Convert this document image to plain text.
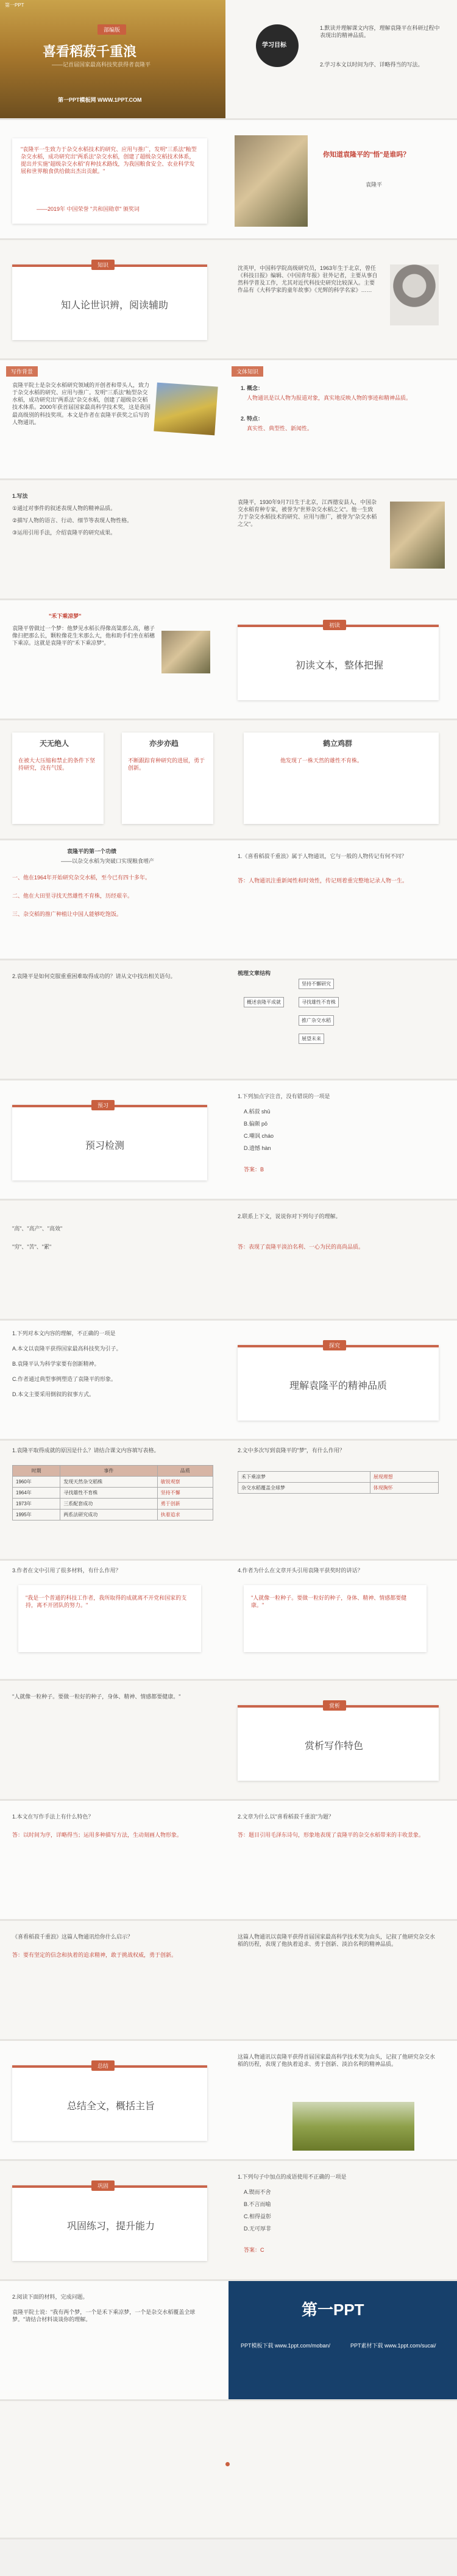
第一PPT
部编版
喜看稻菽千重浪
——记首届国家最高科技奖获得者袁隆平
第一PPT模板网 WWW.1PPT.COM
学习目标
1.默读并理解课文内容，理解袁隆平在科研过程中表现出的精神品质。
2.学习本文以时间为序、详略得当的写法。
"袁隆平一生致力于杂交水稻技术的研究、应用与推广，发明"三系法"籼型杂交水稻，成功研究出"两系法"杂交水稻，创建了超级杂交稻技术体系，提出并实施"超级杂交水稻"育种技术路线，为我国粮食安全、农业科学发展和世界粮食供给做出杰出贡献。"
——2019年 中国荣誉 "共和国勋章" 颁奖词
你知道袁隆平的"悟"是谁吗？
袁隆平
知识
知人论世识辨，阅读辅助
沈英甲，中国科学院高级研究员，1963年生于北京，曾任《科技日报》编辑、《中国青年报》驻外记者，主要从事自然科学普及工作，尤其对近代科技史研究比较深入。主要作品有《大科学家的童年故事》《光辉的科学名家》……
写作背景
袁隆平院士是杂交水稻研究领域的开创者和带头人，致力于杂交水稻的研究、应用与推广。发明"三系法"籼型杂交水稻，成功研究出"两系法"杂交水稻，创建了超级杂交稻技术体系。2000年获首届国家最高科学技术奖，这是我国最高级别的科技奖项。本文是作者在袁隆平获奖之后写的人物通讯。
文体知识
1. 概念：
人物通讯是以人物为报道对象，真实地反映人物的事迹和精神品质。
2. 特点：
真实性、典型性、新闻性。
1.写法
①通过对事件的叙述表现人物的精神品质。
②描写人物的语言、行动、细节等表现人物性格。
③运用引用手法，介绍袁隆平的研究成果。
袁隆平，1930年9月7日生于北京，江西德安县人，中国杂交水稻育种专家，被誉为"世界杂交水稻之父"。他一生致力于杂交水稻技术的研究、应用与推广，被誉为"杂交水稻之父"。
"禾下乘凉梦"
袁隆平曾做过一个梦：他梦见水稻长得像高粱那么高，穗子像扫把那么长，颗粒像花生米那么大，他和助手们坐在稻穗下乘凉。这就是袁隆平的"禾下乘凉梦"。
初读
初读文本，整体把握
天无绝人
在被大大压缩和禁止的条件下坚持研究，没有气馁。
亦步亦趋
不断跟踪育种研究的进展，勇于创新。
鹤立鸡群
他发现了一株天然的雄性不育株。
袁隆平的第一个功绩
——以杂交水稻为突破口实现粮食增产
一、他在1964年开始研究杂交水稻，至今已有四十多年。
二、他在大田里寻找天然雄性不育株，历经艰辛。
三、杂交稻的推广种植让中国人能够吃饱饭。
1.《喜看稻菽千重浪》属于人物通讯，它与一般的人物传记有何不同？
答：人物通讯注重新闻性和时效性，传记则着重完整地记录人物一生。
2.袁隆平是如何克服重重困难取得成功的？请从文中找出相关语句。	梳理文章结构
概述袁隆平成就
坚持不懈研究
寻找雄性不育株
推广杂交水稻
展望未来
预习
预习检测
1.下列加点字注音，没有错误的一项是
A.稻菽 shū
B.偏颇 pō
C.嘲讽 cháo
D.遗憾 hàn
答案：B
"高"、"高产"、"高效"
"穷"、"苦"、"累"
2.联系上下文，说说你对下列句子的理解。
答：表现了袁隆平淡泊名利、一心为民的高尚品质。
1.下列对本文内容的理解，不正确的一项是
A.本文以袁隆平获得国家最高科技奖为引子。
B.袁隆平认为科学家要有创新精神。
C.作者通过典型事例塑造了袁隆平的形象。
D.本文主要采用倒叙的叙事方式。
探究
理解袁隆平的精神品质
1.袁隆平取得成就的原因是什么？请结合课文内容填写表格。
时期	事件	品质
1960年	发现天然杂交稻株	敏锐观察
1964年	寻找雄性不育株	坚持不懈
1973年	三系配套成功	勇于创新
1995年	两系法研究成功	执着追求
2.文中多次写到袁隆平的"梦"，有什么作用？
禾下乘凉梦	展现理想
杂交水稻覆盖全球梦	体现胸怀
3.作者在文中引用了很多材料，有什么作用？
"我是一个普通的科技工作者，我所取得的成就离不开党和国家的支持，离不开团队的努力。"
4.作者为什么在文章开头引用袁隆平获奖时的讲话？
"人就像一粒种子。要做一粒好的种子，身体、精神、情感都要健康。"
"人就像一粒种子。要做一粒好的种子，身体、精神、情感都要健康。"
赏析
赏析写作特色
1.本文在写作手法上有什么特色？
答：以时间为序，详略得当；运用多种描写方法，生动刻画人物形象。
2.文章为什么以"喜看稻菽千重浪"为题？
答：题目引用毛泽东诗句，形象地表现了袁隆平的杂交水稻带来的丰收景象。
《喜看稻菽千重浪》这篇人物通讯给你什么启示？
答：要有坚定的信念和执着的追求精神，敢于挑战权威，勇于创新。
这篇人物通讯以袁隆平获得首届国家最高科学技术奖为由头，记叙了他研究杂交水稻的历程，表现了他执着追求、勇于创新、淡泊名利的精神品质。
总结
总结全文，概括主旨
这篇人物通讯以袁隆平获得首届国家最高科学技术奖为由头，记叙了他研究杂交水稻的历程，表现了他执着追求、勇于创新、淡泊名利的精神品质。
巩固
巩固练习，提升能力
1.下列句子中加点的成语使用不正确的一项是
A.锲而不舍
B.不言而喻
C.相得益彰
D.无可厚非
答案：C
2.阅读下面的材料，完成问题。
袁隆平院士说："我有两个梦，一个是禾下乘凉梦，一个是杂交水稻覆盖全球梦。"请结合材料谈谈你的理解。
第一PPT
PPT模板下载 www.1ppt.com/moban/	PPT素材下载 www.1ppt.com/sucai/
